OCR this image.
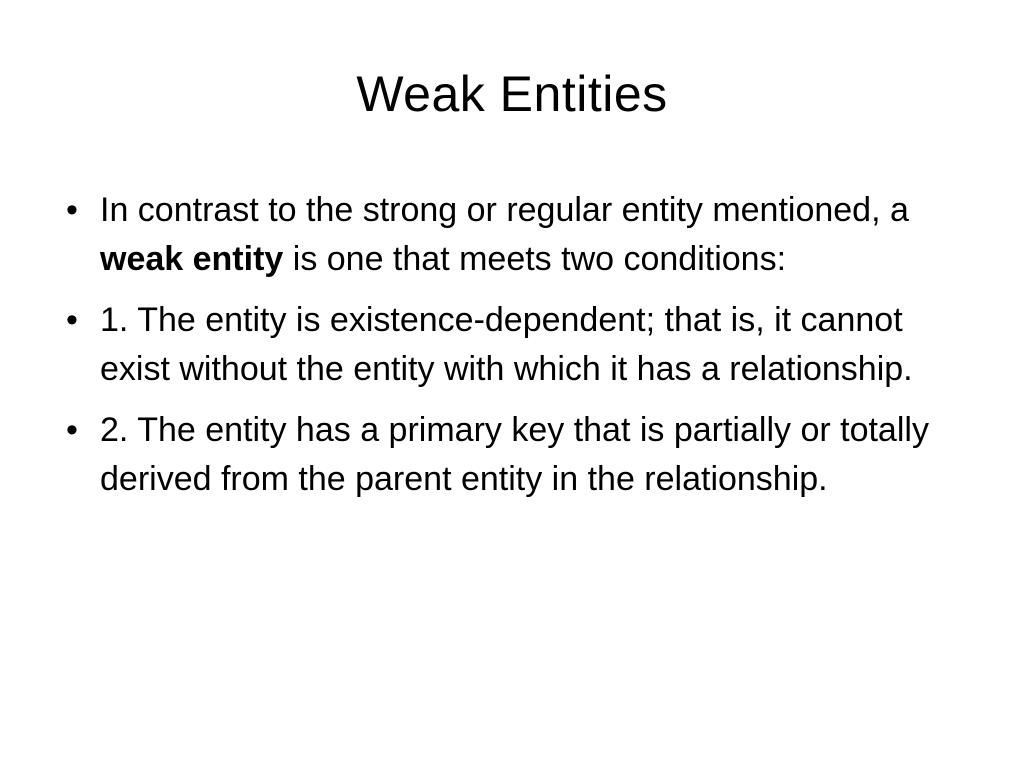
Weak Entities
• In contrast to the strong or regular entity mentioned, a weak entity is one that meets two conditions:
• 1. The entity is existence-dependent; that is, it cannot exist without the entity with which it has a relationship.
• 2. The entity has a primary key that is partially or totally derived from the parent entity in the relationship.
